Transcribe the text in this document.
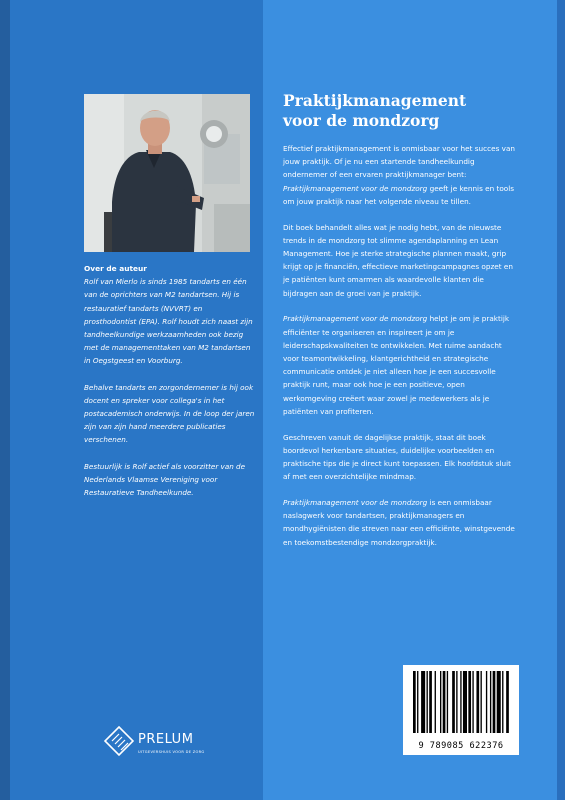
Over de auteur

Rolf van Mierlo is sinds 1985 tandarts en één van de oprichters van M2 tandartsen. Hij is restauratief tandarts (NVVRT) en prosthodontist (EPA). Rolf houdt zich naast zijn tandheelkundige werkzaamheden ook bezig met de managementtaken van M2 tandartsen in Oegstgeest en Voorburg.

Behalve tandarts en zorgondernemer is hij ook docent en spreker voor collega's in het postacademisch onderwijs. In de loop der jaren zijn van zijn hand meerdere publicaties verschenen.

Bestuurlijk is Rolf actief als voorzitter van de Nederlands Vlaamse Vereniging voor Restauratieve Tandheelkunde.

PRELUM
UITGEVERSHUIS VOOR DE ZORG
Praktijkmanagement
voor de mondzorg

Effectief praktijkmanagement is onmisbaar voor het succes van jouw praktijk. Of je nu een startende tandheelkundig ondernemer of een ervaren praktijkmanager bent: Praktijkmanagement voor de mondzorg geeft je kennis en tools om jouw praktijk naar het volgende niveau te tillen.

Dit boek behandelt alles wat je nodig hebt, van de nieuwste trends in de mondzorg tot slimme agendaplanning en Lean Management. Hoe je sterke strategische plannen maakt, grip krijgt op je financiën, effectieve marketingcampagnes opzet en je patiënten kunt omarmen als waardevolle klanten die bijdragen aan de groei van je praktijk.

Praktijkmanagement voor de mondzorg helpt je om je praktijk efficiënter te organiseren en inspireert je om je leiderschapskwaliteiten te ontwikkelen. Met ruime aandacht voor teamontwikkeling, klantgerichtheid en strategische communicatie ontdek je niet alleen hoe je een succesvolle praktijk runt, maar ook hoe je een positieve, open werkomgeving creëert waar zowel je medewerkers als je patiënten van profiteren.

Geschreven vanuit de dagelijkse praktijk, staat dit boek boordevol herkenbare situaties, duidelijke voorbeelden en praktische tips die je direct kunt toepassen. Elk hoofdstuk sluit af met een overzichtelijke mindmap.

Praktijkmanagement voor de mondzorg is een onmisbaar naslagwerk voor tandartsen, praktijkmanagers en mondhygiënisten die streven naar een efficiënte, winstgevende en toekomstbestendige mondzorgpraktijk.

9 789085 622376
